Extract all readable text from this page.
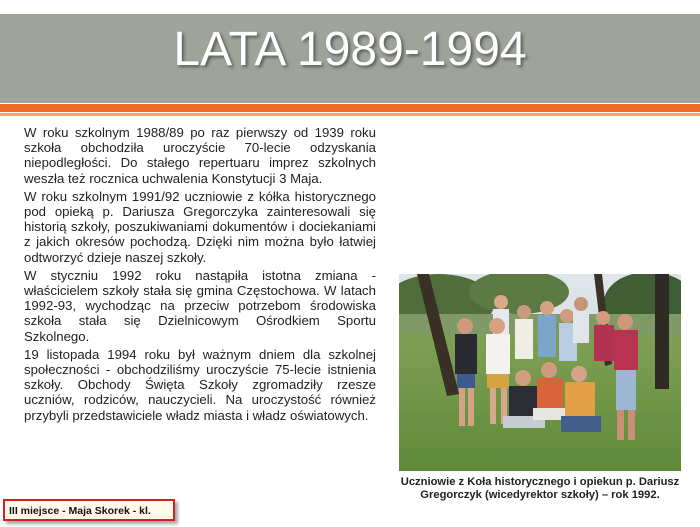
LATA 1989-1994

W roku szkolnym 1988/89 po raz pierwszy od 1939 roku szkoła obchodziła uroczyście 70-lecie odzyskania niepodległości. Do stałego repertuaru imprez szkolnych weszła też rocznica uchwalenia Konstytucji 3 Maja.

W roku szkolnym 1991/92 uczniowie z kółka historycznego pod opieką p. Dariusza Gregorczyka zainteresowali się historią szkoły, poszukiwaniami dokumentów i dociekaniami z jakich okresów pochodzą. Dzięki nim można było łatwiej odtworzyć dzieje naszej szkoły.

W styczniu 1992 roku nastąpiła istotna zmiana - właścicielem szkoły stała się gmina Częstochowa. W latach 1992-93, wychodząc na przeciw potrzebom środowiska szkoła stała się Dzielnicowym Ośrodkiem Sportu Szkolnego.

19 listopada 1994 roku był ważnym dniem dla szkolnej społeczności - obchodziliśmy uroczyście 75-lecie istnienia szkoły. Obchody Święta Szkoły zgromadziły rzesze uczniów, rodziców, nauczycieli. Na uroczystość również przybyli przedstawiciele władz miasta i władz oświatowych.

Uczniowie z Koła historycznego i opiekun p. Dariusz Gregorczyk (wicedyrektor szkoły) – rok 1992.
III miejsce - Maja Skorek - kl.
